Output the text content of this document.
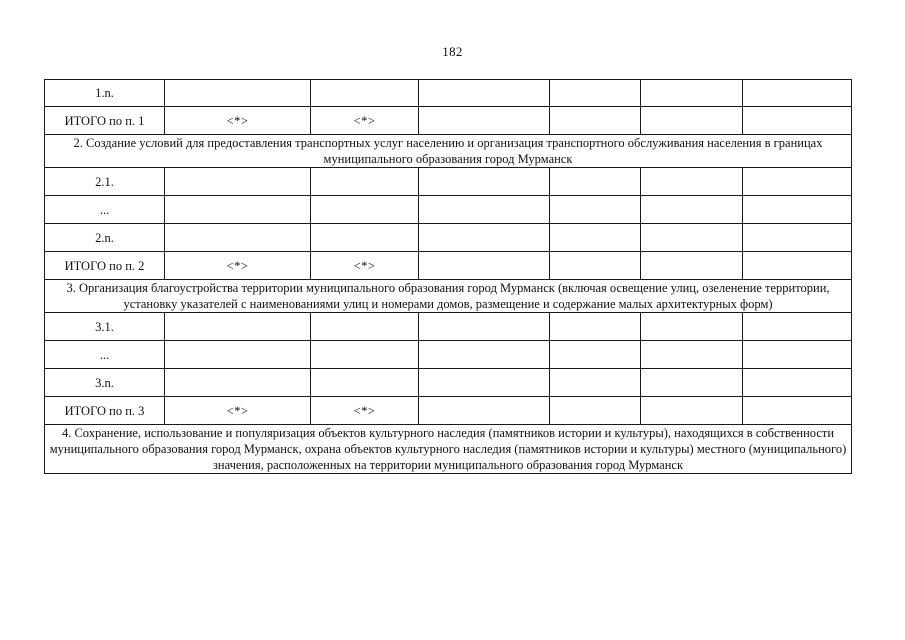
182
1.n.						
ИТОГО по п. 1	<*>	<*>				
2. Создание условий для предоставления транспортных услуг населению и организация транспортного обслуживания населения в границах муниципального образования город Мурманск						
2.1.						
...						
2.n.						
ИТОГО по п. 2	<*>	<*>				
3. Организация благоустройства территории муниципального образования город Мурманск (включая освещение улиц, озеленение территории, установку указателей с наименованиями улиц и номерами домов, размещение и содержание малых архитектурных форм)						
3.1.						
...						
3.n.						
ИТОГО по п. 3	<*>	<*>				
4. Сохранение, использование и популяризация объектов культурного наследия (памятников истории и культуры), находящихся в собственности муниципального образования город Мурманск, охрана объектов культурного наследия (памятников истории и культуры) местного (муниципального) значения, расположенных на территории муниципального образования город Мурманск						
